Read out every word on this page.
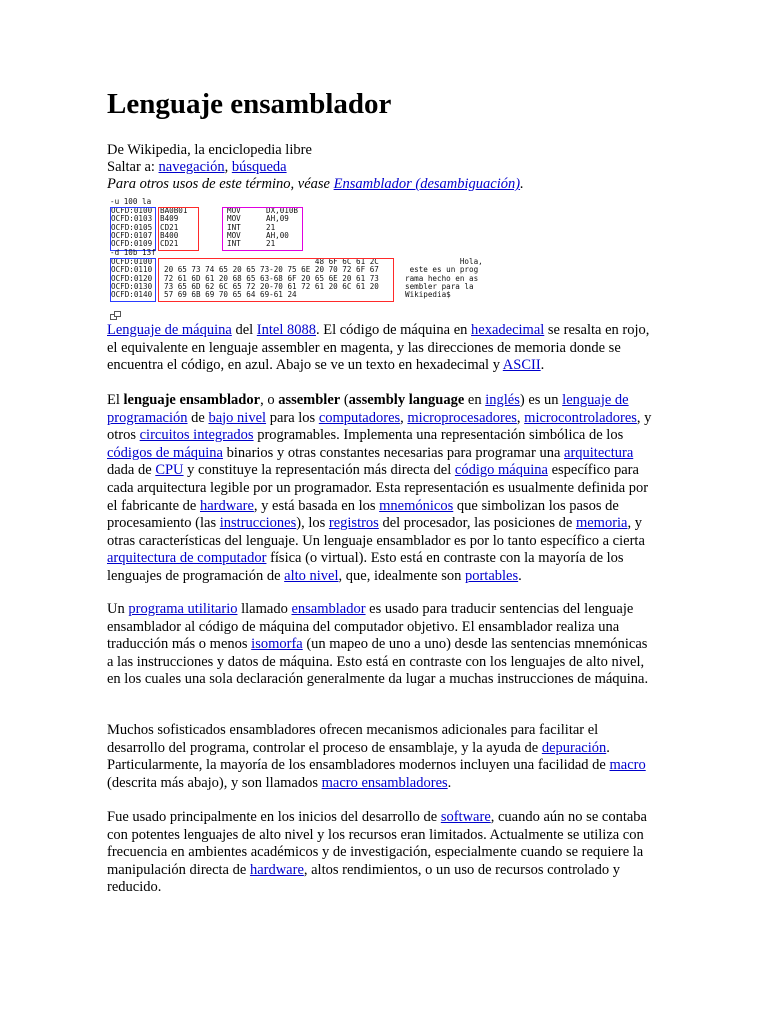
Lenguaje ensamblador
De Wikipedia, la enciclopedia libre
Saltar a: navegación, búsqueda
Para otros usos de este término, véase Ensamblador (desambiguación).
-u 100 la
OCFD:0100 BA0B01	MOV	DX,010B
OCFD:0103 B409	MOV	AH,09
OCFD:0105 CD21	INT	21
OCFD:0107 B400	MOV	AH,00
OCFD:0109 CD21	INT	21
-d 10b 13f
OCFD:0100 48 6F 6C 61 2C	Hola,
OCFD:0110 20 65 73 74 65 20 65 73-20 75 6E 20 70 72 6F 67	este es un prog
OCFD:0120 72 61 6D 61 20 68 65 63-68 6F 20 65 6E 20 61 73	rama hecho en as
OCFD:0130 73 65 6D 62 6C 65 72 20-70 61 72 61 20 6C 61 20	sembler para la
OCFD:0140 57 69 6B 69 70 65 64 69-61 24	Wikipedia$
Lenguaje de máquina del Intel 8088. El código de máquina en hexadecimal se resalta en rojo, el equivalente en lenguaje assembler en magenta, y las direcciones de memoria donde se encuentra el código, en azul. Abajo se ve un texto en hexadecimal y ASCII.
El lenguaje ensamblador, o assembler (assembly language en inglés) es un lenguaje de programación de bajo nivel para los computadores, microprocesadores, microcontroladores, y otros circuitos integrados programables. Implementa una representación simbólica de los códigos de máquina binarios y otras constantes necesarias para programar una arquitectura dada de CPU y constituye la representación más directa del código máquina específico para cada arquitectura legible por un programador. Esta representación es usualmente definida por el fabricante de hardware, y está basada en los mnemónicos que simbolizan los pasos de procesamiento (las instrucciones), los registros del procesador, las posiciones de memoria, y otras características del lenguaje. Un lenguaje ensamblador es por lo tanto específico a cierta arquitectura de computador física (o virtual). Esto está en contraste con la mayoría de los lenguajes de programación de alto nivel, que, idealmente son portables.
Un programa utilitario llamado ensamblador es usado para traducir sentencias del lenguaje ensamblador al código de máquina del computador objetivo. El ensamblador realiza una traducción más o menos isomorfa (un mapeo de uno a uno) desde las sentencias mnemónicas a las instrucciones y datos de máquina. Esto está en contraste con los lenguajes de alto nivel, en los cuales una sola declaración generalmente da lugar a muchas instrucciones de máquina.
Muchos sofisticados ensambladores ofrecen mecanismos adicionales para facilitar el desarrollo del programa, controlar el proceso de ensamblaje, y la ayuda de depuración. Particularmente, la mayoría de los ensambladores modernos incluyen una facilidad de macro (descrita más abajo), y son llamados macro ensambladores.
Fue usado principalmente en los inicios del desarrollo de software, cuando aún no se contaba con potentes lenguajes de alto nivel y los recursos eran limitados. Actualmente se utiliza con frecuencia en ambientes académicos y de investigación, especialmente cuando se requiere la manipulación directa de hardware, altos rendimientos, o un uso de recursos controlado y reducido.
